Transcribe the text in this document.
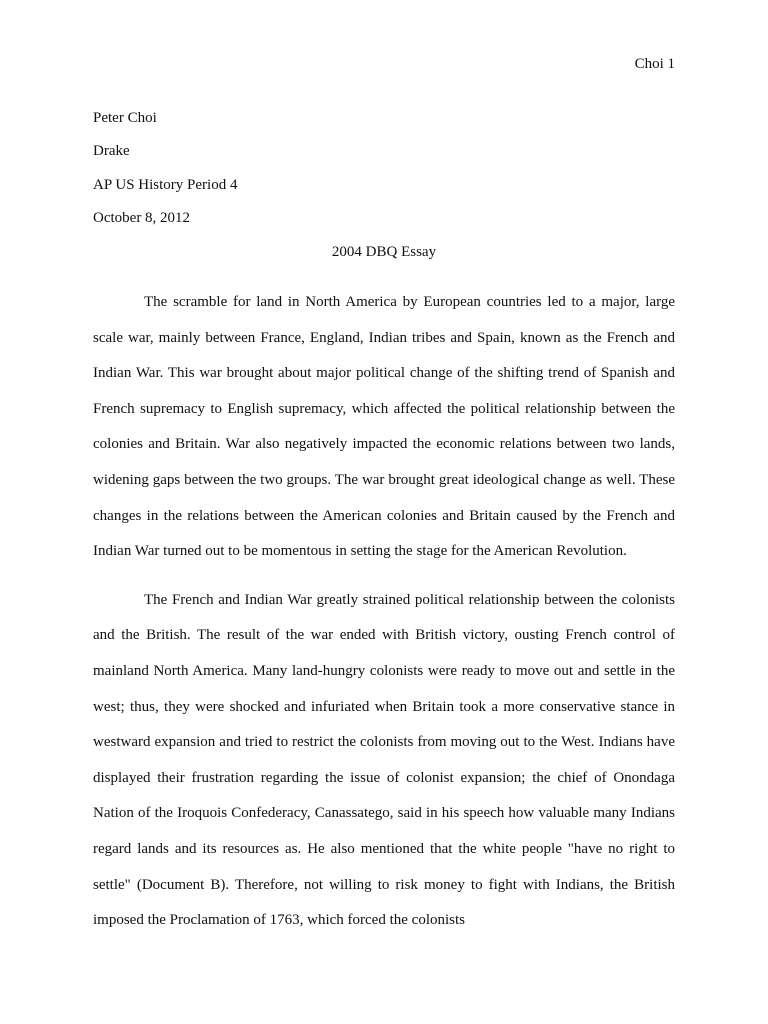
Choi 1
Peter Choi
Drake
AP US History Period 4
October 8, 2012
2004 DBQ Essay

The scramble for land in North America by European countries led to a major, large scale war, mainly between France, England, Indian tribes and Spain, known as the French and Indian War. This war brought about major political change of the shifting trend of Spanish and French supremacy to English supremacy, which affected the political relationship between the colonies and Britain. War also negatively impacted the economic relations between two lands, widening gaps between the two groups. The war brought great ideological change as well. These changes in the relations between the American colonies and Britain caused by the French and Indian War turned out to be momentous in setting the stage for the American Revolution.

The French and Indian War greatly strained political relationship between the colonists and the British. The result of the war ended with British victory, ousting French control of mainland North America. Many land-hungry colonists were ready to move out and settle in the west; thus, they were shocked and infuriated when Britain took a more conservative stance in westward expansion and tried to restrict the colonists from moving out to the West. Indians have displayed their frustration regarding the issue of colonist expansion; the chief of Onondaga Nation of the Iroquois Confederacy, Canassatego, said in his speech how valuable many Indians regard lands and its resources as. He also mentioned that the white people "have no right to settle" (Document B). Therefore, not willing to risk money to fight with Indians, the British imposed the Proclamation of 1763, which forced the colonists
